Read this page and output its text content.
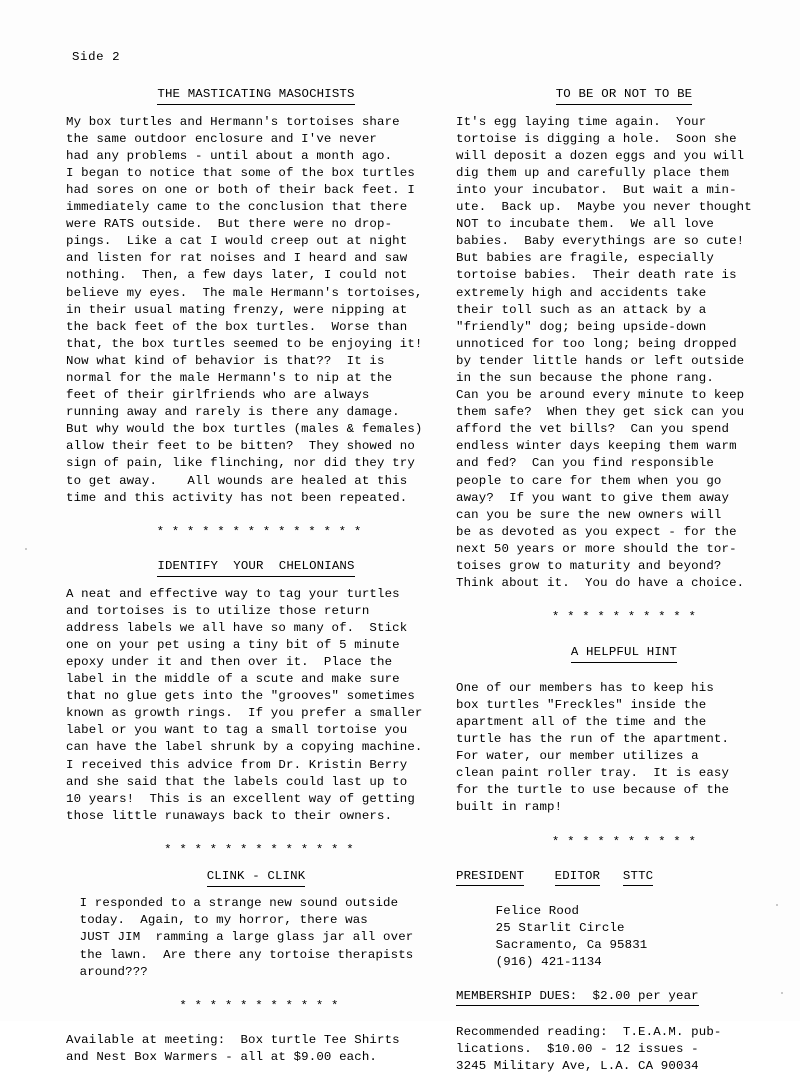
Side 2
THE MASTICATING MASOCHISTS
My box turtles and Hermann's tortoises share
the same outdoor enclosure and I've never
had any problems - until about a month ago.
I began to notice that some of the box turtles
had sores on one or both of their back feet. I
immediately came to the conclusion that there
were RATS outside.  But there were no drop-
pings.  Like a cat I would creep out at night
and listen for rat noises and I heard and saw
nothing.  Then, a few days later, I could not
believe my eyes.  The male Hermann's tortoises,
in their usual mating frenzy, were nipping at
the back feet of the box turtles.  Worse than
that, the box turtles seemed to be enjoying it!
Now what kind of behavior is that??  It is
normal for the male Hermann's to nip at the
feet of their girlfriends who are always
running away and rarely is there any damage.
But why would the box turtles (males & females)
allow their feet to be bitten?  They showed no
sign of pain, like flinching, nor did they try
to get away.    All wounds are healed at this
time and this activity has not been repeated.
* * * * * * * * * * * * * *
IDENTIFY  YOUR  CHELONIANS
A neat and effective way to tag your turtles
and tortoises is to utilize those return
address labels we all have so many of.  Stick
one on your pet using a tiny bit of 5 minute
epoxy under it and then over it.  Place the
label in the middle of a scute and make sure
that no glue gets into the "grooves" sometimes
known as growth rings.  If you prefer a smaller
label or you want to tag a small tortoise you
can have the label shrunk by a copying machine.
I received this advice from Dr. Kristin Berry
and she said that the labels could last up to
10 years!  This is an excellent way of getting
those little runaways back to their owners.
* * * * * * * * * * * * *
CLINK - CLINK
I responded to a strange new sound outside
today.  Again, to my horror, there was
JUST JIM  ramming a large glass jar all over
the lawn.  Are there any tortoise therapists
around???
* * * * * * * * * * *
Available at meeting:  Box turtle Tee Shirts
and Nest Box Warmers - all at $9.00 each.
TO BE OR NOT TO BE
It's egg laying time again.  Your
tortoise is digging a hole.  Soon she
will deposit a dozen eggs and you will
dig them up and carefully place them
into your incubator.  But wait a min-
ute.  Back up.  Maybe you never thought
NOT to incubate them.  We all love
babies.  Baby everythings are so cute!
But babies are fragile, especially
tortoise babies.  Their death rate is
extremely high and accidents take
their toll such as an attack by a
"friendly" dog; being upside-down
unnoticed for too long; being dropped
by tender little hands or left outside
in the sun because the phone rang.
Can you be around every minute to keep
them safe?  When they get sick can you
afford the vet bills?  Can you spend
endless winter days keeping them warm
and fed?  Can you find responsible
people to care for them when you go
away?  If you want to give them away
can you be sure the new owners will
be as devoted as you expect - for the
next 50 years or more should the tor-
toises grow to maturity and beyond?
Think about it.  You do have a choice.
* * * * * * * * * *
A HELPFUL HINT
One of our members has to keep his
box turtles "Freckles" inside the
apartment all of the time and the
turtle has the run of the apartment.
For water, our member utilizes a
clean paint roller tray.  It is easy
for the turtle to use because of the
built in ramp!
* * * * * * * * * *
PRESIDENT EDITOR STTC
Felice Rood
25 Starlit Circle
Sacramento, Ca 95831
(916) 421-1134
MEMBERSHIP DUES:  $2.00 per year
Recommended reading:  T.E.A.M. pub-
lications.  $10.00 - 12 issues -
3245 Military Ave, L.A. CA 90034
